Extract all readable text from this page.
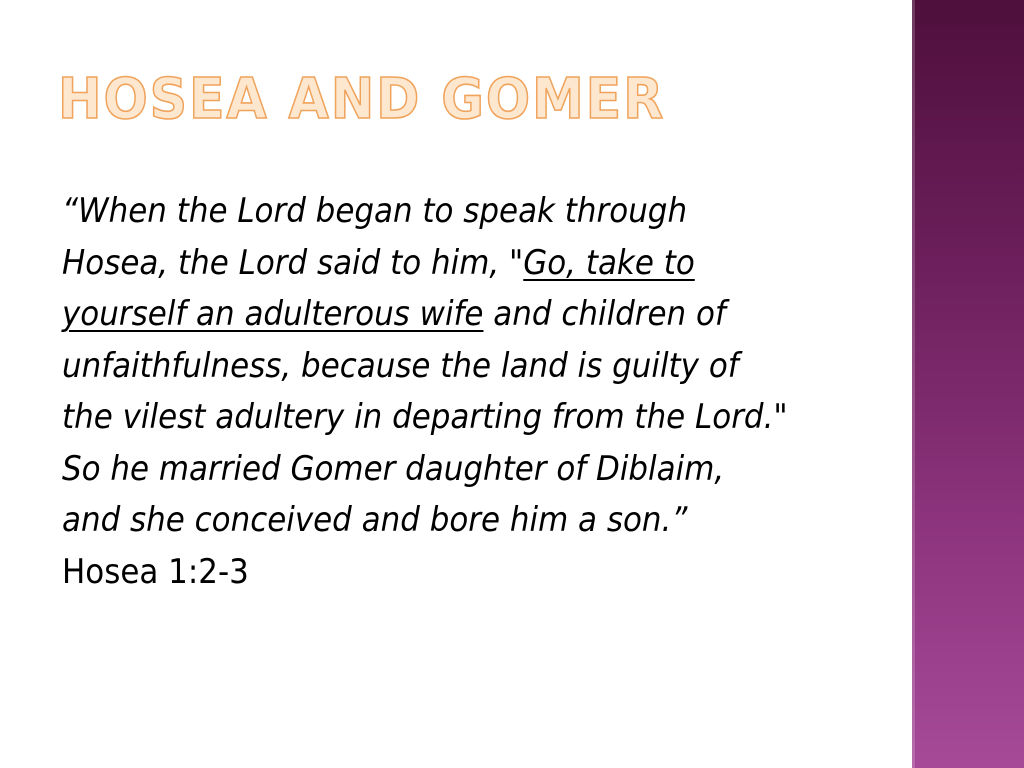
HOSEA AND GOMER

“When the Lord began to speak through Hosea, the Lord said to him, "Go, take to yourself an adulterous wife and children of unfaithfulness, because the land is guilty of the vilest adultery in departing from the Lord." So he married Gomer daughter of Diblaim, and she conceived and bore him a son.”
Hosea 1:2-3
